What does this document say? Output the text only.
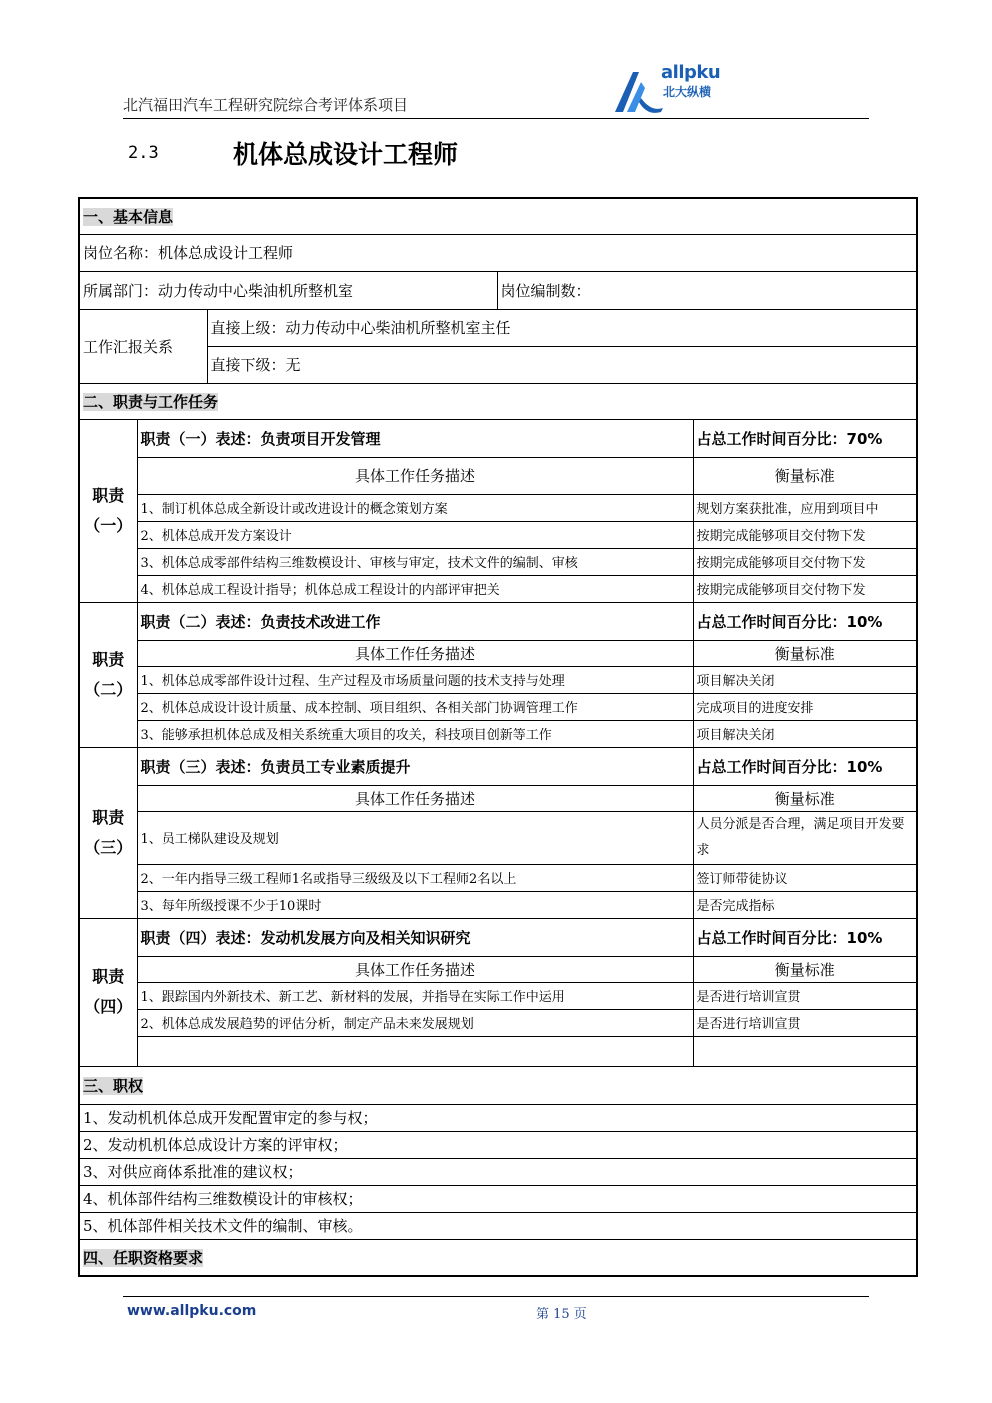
北汽福田汽车工程研究院综合考评体系项目
allpku
北大纵横
2.3	机体总成设计工程师
一、基本信息				
岗位名称：机体总成设计工程师				
所属部门：动力传动中心柴油机所整机室			岗位编制数：	
工作汇报关系		直接上级：动力传动中心柴油机所整机室主任		
		直接下级：无		
二、职责与工作任务				
职责
（一）	职责（一）表述：负责项目开发管理			占总工作时间百分比：70%
	具体工作任务描述			衡量标准
	1、制订机体总成全新设计或改进设计的概念策划方案			规划方案获批准，应用到项目中
	2、机体总成开发方案设计			按期完成能够项目交付物下发
	3、机体总成零部件结构三维数模设计、审核与审定，技术文件的编制、审核			按期完成能够项目交付物下发
	4、机体总成工程设计指导；机体总成工程设计的内部评审把关			按期完成能够项目交付物下发
职责
（二）	职责（二）表述：负责技术改进工作			占总工作时间百分比：10%
	具体工作任务描述			衡量标准
	1、机体总成零部件设计过程、生产过程及市场质量问题的技术支持与处理			项目解决关闭
	2、机体总成设计设计质量、成本控制、项目组织、各相关部门协调管理工作			完成项目的进度安排
	3、能够承担机体总成及相关系统重大项目的攻关，科技项目创新等工作			项目解决关闭
职责
（三）	职责（三）表述：负责员工专业素质提升			占总工作时间百分比：10%
	具体工作任务描述			衡量标准
	1、员工梯队建设及规划			人员分派是否合理，满足项目开发要求
	2、一年内指导三级工程师1名或指导三级级及以下工程师2名以上			签订师带徒协议
	3、每年所级授课不少于10课时			是否完成指标
职责
（四）	职责（四）表述：发动机发展方向及相关知识研究			占总工作时间百分比：10%
	具体工作任务描述			衡量标准
	1、跟踪国内外新技术、新工艺、新材料的发展，并指导在实际工作中运用			是否进行培训宣贯
	2、机体总成发展趋势的评估分析，制定产品未来发展规划			是否进行培训宣贯

三、职权				
1、发动机机体总成开发配置审定的参与权；				
2、发动机机体总成设计方案的评审权；				
3、对供应商体系批准的建议权；				
4、机体部件结构三维数模设计的审核权；				
5、机体部件相关技术文件的编制、审核。				
四、任职资格要求				
www.allpku.com	第 15 页
